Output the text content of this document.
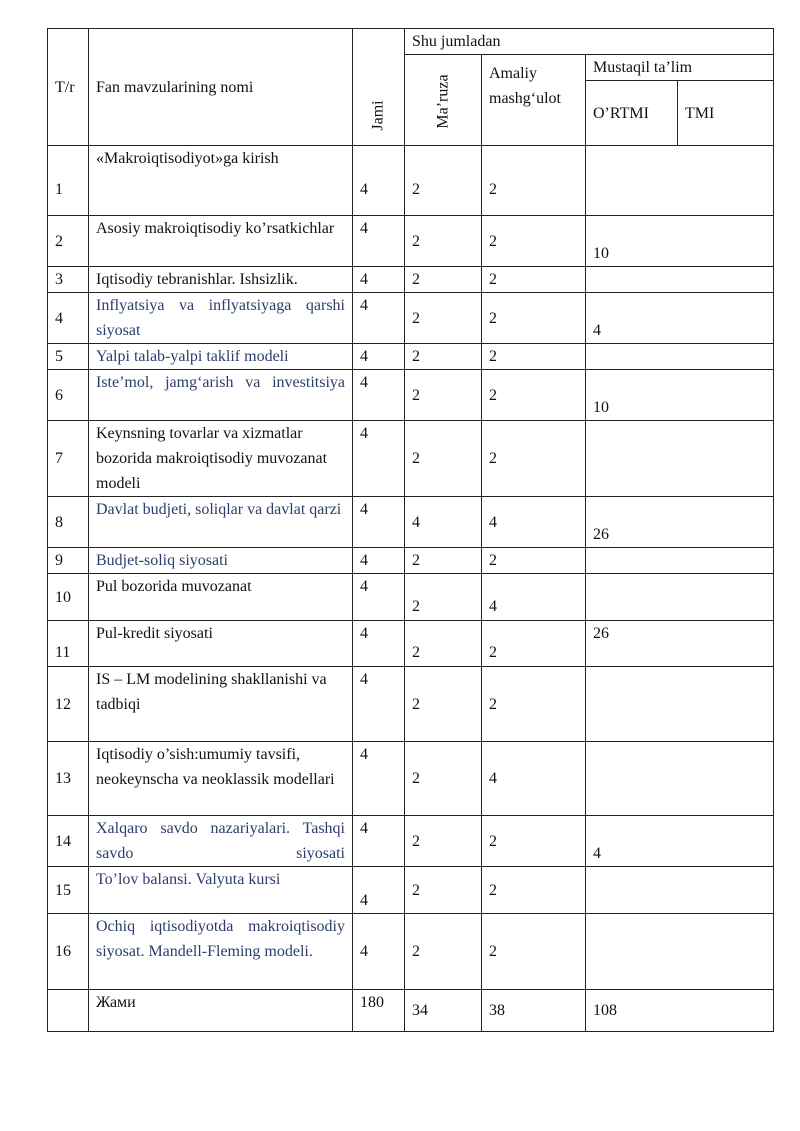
T/r	Fan mavzularining nomi	Jami	Shu jumladan			

			Ma’ruza	Amaliy mashg‘ulot	Mustaqil ta’lim	
					O’RTMI	TMI
1	«Makroiqtisodiyot»ga kirish	4	2	2		
2	Asosiy makroiqtisodiy ko’rsatkichlar	4	2	2	10	
3	Iqtisodiy tebranishlar. Ishsizlik.	4	2	2		
4	Inflyatsiya va inflyatsiyaga qarshi siyosat	4	2	2	4	
5	Yalpi talab-yalpi taklif modeli	4	2	2		
6	Iste’mol, jamg‘arish va investitsiya	4	2	2	10	
7	Keynsning tovarlar va xizmatlar bozorida makroiqtisodiy muvozanat modeli	4	2	2		
8	Davlat budjeti, soliqlar va davlat qarzi	4	4	4	26	
9	Budjet-soliq siyosati	4	2	2		
10	Pul bozorida muvozanat	4	2	4		
11	Pul-kredit siyosati	4	2	2	26	
12	IS – LM modelining shakllanishi va tadbiqi	4	2	2		
13	Iqtisodiy o’sish:umumiy tavsifi, neokeynscha va neoklassik modellari	4	2	4		
14	Xalqaro savdo nazariyalari. Tashqi savdo siyosati	4	2	2	4	
15	To’lov balansi. Valyuta kursi	4	2	2		
16	Ochiq iqtisodiyotda makroiqtisodiy siyosat. Mandell-Fleming modeli.	4	2	2		
	Жами	180	34	38	108	
